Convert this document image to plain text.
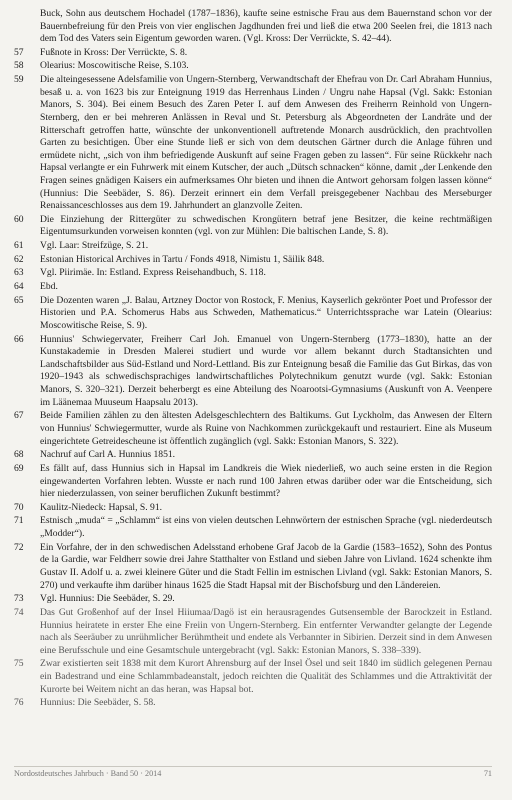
Buck, Sohn aus deutschem Hochadel (1787–1836), kaufte seine estnische Frau aus dem Bauernstand schon vor der Bauernbefreiung für den Preis von vier englischen Jagdhunden frei und ließ die etwa 200 Seelen frei, die 1813 nach dem Tod des Vaters sein Eigentum geworden waren. (Vgl. Kross: Der Verrückte, S. 42–44).

57	Fußnote in Kross: Der Verrückte, S. 8.
58	Olearius: Moscowitische Reise, S.103.
59	Die alteingesessene Adelsfamilie von Ungern-Sternberg, Verwandtschaft der Ehefrau von Dr. Carl Abraham Hunnius, besaß u. a. von 1623 bis zur Enteignung 1919 das Herrenhaus Linden / Ungru nahe Hapsal (Vgl. Sakk: Estonian Manors, S. 304). Bei einem Besuch des Zaren Peter I. auf dem Anwesen des Freiherrn Reinhold von Ungern-Sternberg, den er bei mehreren Anlässen in Reval und St. Petersburg als Abgeordneten der Landräte und der Ritterschaft getroffen hatte, wünschte der unkonventionell auftretende Monarch ausdrücklich, den prachtvollen Garten zu besichtigen. Über eine Stunde ließ er sich von dem deutschen Gärtner durch die Anlage führen und ermüdete nicht, „sich von ihm befriedigende Auskunft auf seine Fragen geben zu lassen“. Für seine Rückkehr nach Hapsal verlangte er ein Fuhrwerk mit einem Kutscher, der auch „Dütsch schnacken“ könne, damit „der Lenkende den Fragen seines gnädigen Kaisers ein aufmerksames Ohr bieten und ihnen die Antwort gehorsam folgen lassen könne“ (Hunnius: Die Seebäder, S. 86). Derzeit erinnert ein dem Verfall preisgegebener Nachbau des Merseburger Renaissanceschlosses aus dem 19. Jahrhundert an glanzvolle Zeiten.
60	Die Einziehung der Rittergüter zu schwedischen Krongütern betraf jene Besitzer, die keine rechtmäßigen Eigentumsurkunden vorweisen konnten (vgl. von zur Mühlen: Die baltischen Lande, S. 8).
61	Vgl. Laar: Streifzüge, S. 21.
62	Estonian Historical Archives in Tartu / Fonds 4918, Nimistu 1, Säilik 848.
63	Vgl. Piirimäe. In: Estland. Express Reisehandbuch, S. 118.
64	Ebd.
65	Die Dozenten waren „J. Balau, Artzney Doctor von Rostock, F. Menius, Kayserlich gekrönter Poet und Professor der Historien und P.A. Schomerus Habs aus Schweden, Mathematicus.“ Unterrichtssprache war Latein (Olearius: Moscowitische Reise, S. 9).
66	Hunnius' Schwiegervater, Freiherr Carl Joh. Emanuel von Ungern-Sternberg (1773–1830), hatte an der Kunstakademie in Dresden Malerei studiert und wurde vor allem bekannt durch Stadtansichten und Landschaftsbilder aus Süd-Estland und Nord-Lettland. Bis zur Enteignung besaß die Familie das Gut Birkas, das von 1920–1943 als schwedischsprachiges landwirtschaftliches Polytechnikum genutzt wurde (vgl. Sakk: Estonian Manors, S. 320–321). Derzeit beherbergt es eine Abteilung des Noarootsi-Gymnasiums (Auskunft von A. Veenpere im Läänemaa Muuseum Haapsalu 2013).
67	Beide Familien zählen zu den ältesten Adelsgeschlechtern des Baltikums. Gut Lyckholm, das Anwesen der Eltern von Hunnius' Schwiegermutter, wurde als Ruine von Nachkommen zurückgekauft und restauriert. Eine als Museum eingerichtete Getreidescheune ist öffentlich zugänglich (vgl. Sakk: Estonian Manors, S. 322).
68	Nachruf auf Carl A. Hunnius 1851.
69	Es fällt auf, dass Hunnius sich in Hapsal im Landkreis die Wiek niederließ, wo auch seine ersten in die Region eingewanderten Vorfahren lebten. Wusste er nach rund 100 Jahren etwas darüber oder war die Entscheidung, sich hier niederzulassen, von seiner beruflichen Zukunft bestimmt?
70	Kaulitz-Niedeck: Hapsal, S. 91.
71	Estnisch „muda“ = „Schlamm“ ist eins von vielen deutschen Lehnwörtern der estnischen Sprache (vgl. niederdeutsch „Modder“).
72	Ein Vorfahre, der in den schwedischen Adelsstand erhobene Graf Jacob de la Gardie (1583–1652), Sohn des Pontus de la Gardie, war Feldherr sowie drei Jahre Statthalter von Estland und sieben Jahre von Livland. 1624 schenkte ihm Gustav II. Adolf u. a. zwei kleinere Güter und die Stadt Fellin im estnischen Livland (vgl. Sakk: Estonian Manors, S. 270) und verkaufte ihm darüber hinaus 1625 die Stadt Hapsal mit der Bischofsburg und den Ländereien.
73	Vgl. Hunnius: Die Seebäder, S. 29.
74	Das Gut Großenhof auf der Insel Hiiumaa/Dagö ist ein herausragendes Gutsensemble der Barockzeit in Estland. Hunnius heiratete in erster Ehe eine Freiin von Ungern-Sternberg. Ein entfernter Verwandter gelangte der Legende nach als Seeräuber zu unrühmlicher Berühmtheit und endete als Verbannter in Sibirien. Derzeit sind in dem Anwesen eine Berufsschule und eine Gesamtschule untergebracht (vgl. Sakk: Estonian Manors, S. 338–339).
75	Zwar existierten seit 1838 mit dem Kurort Ahrensburg auf der Insel Ösel und seit 1840 im südlich gelegenen Pernau ein Badestrand und eine Schlammbadeanstalt, jedoch reichten die Qualität des Schlammes und die Attraktivität der Kurorte bei Weitem nicht an das heran, was Hapsal bot.
76	Hunnius: Die Seebäder, S. 58.
Nordostdeutsches Jahrbuch · Band 50 · 2014	71
